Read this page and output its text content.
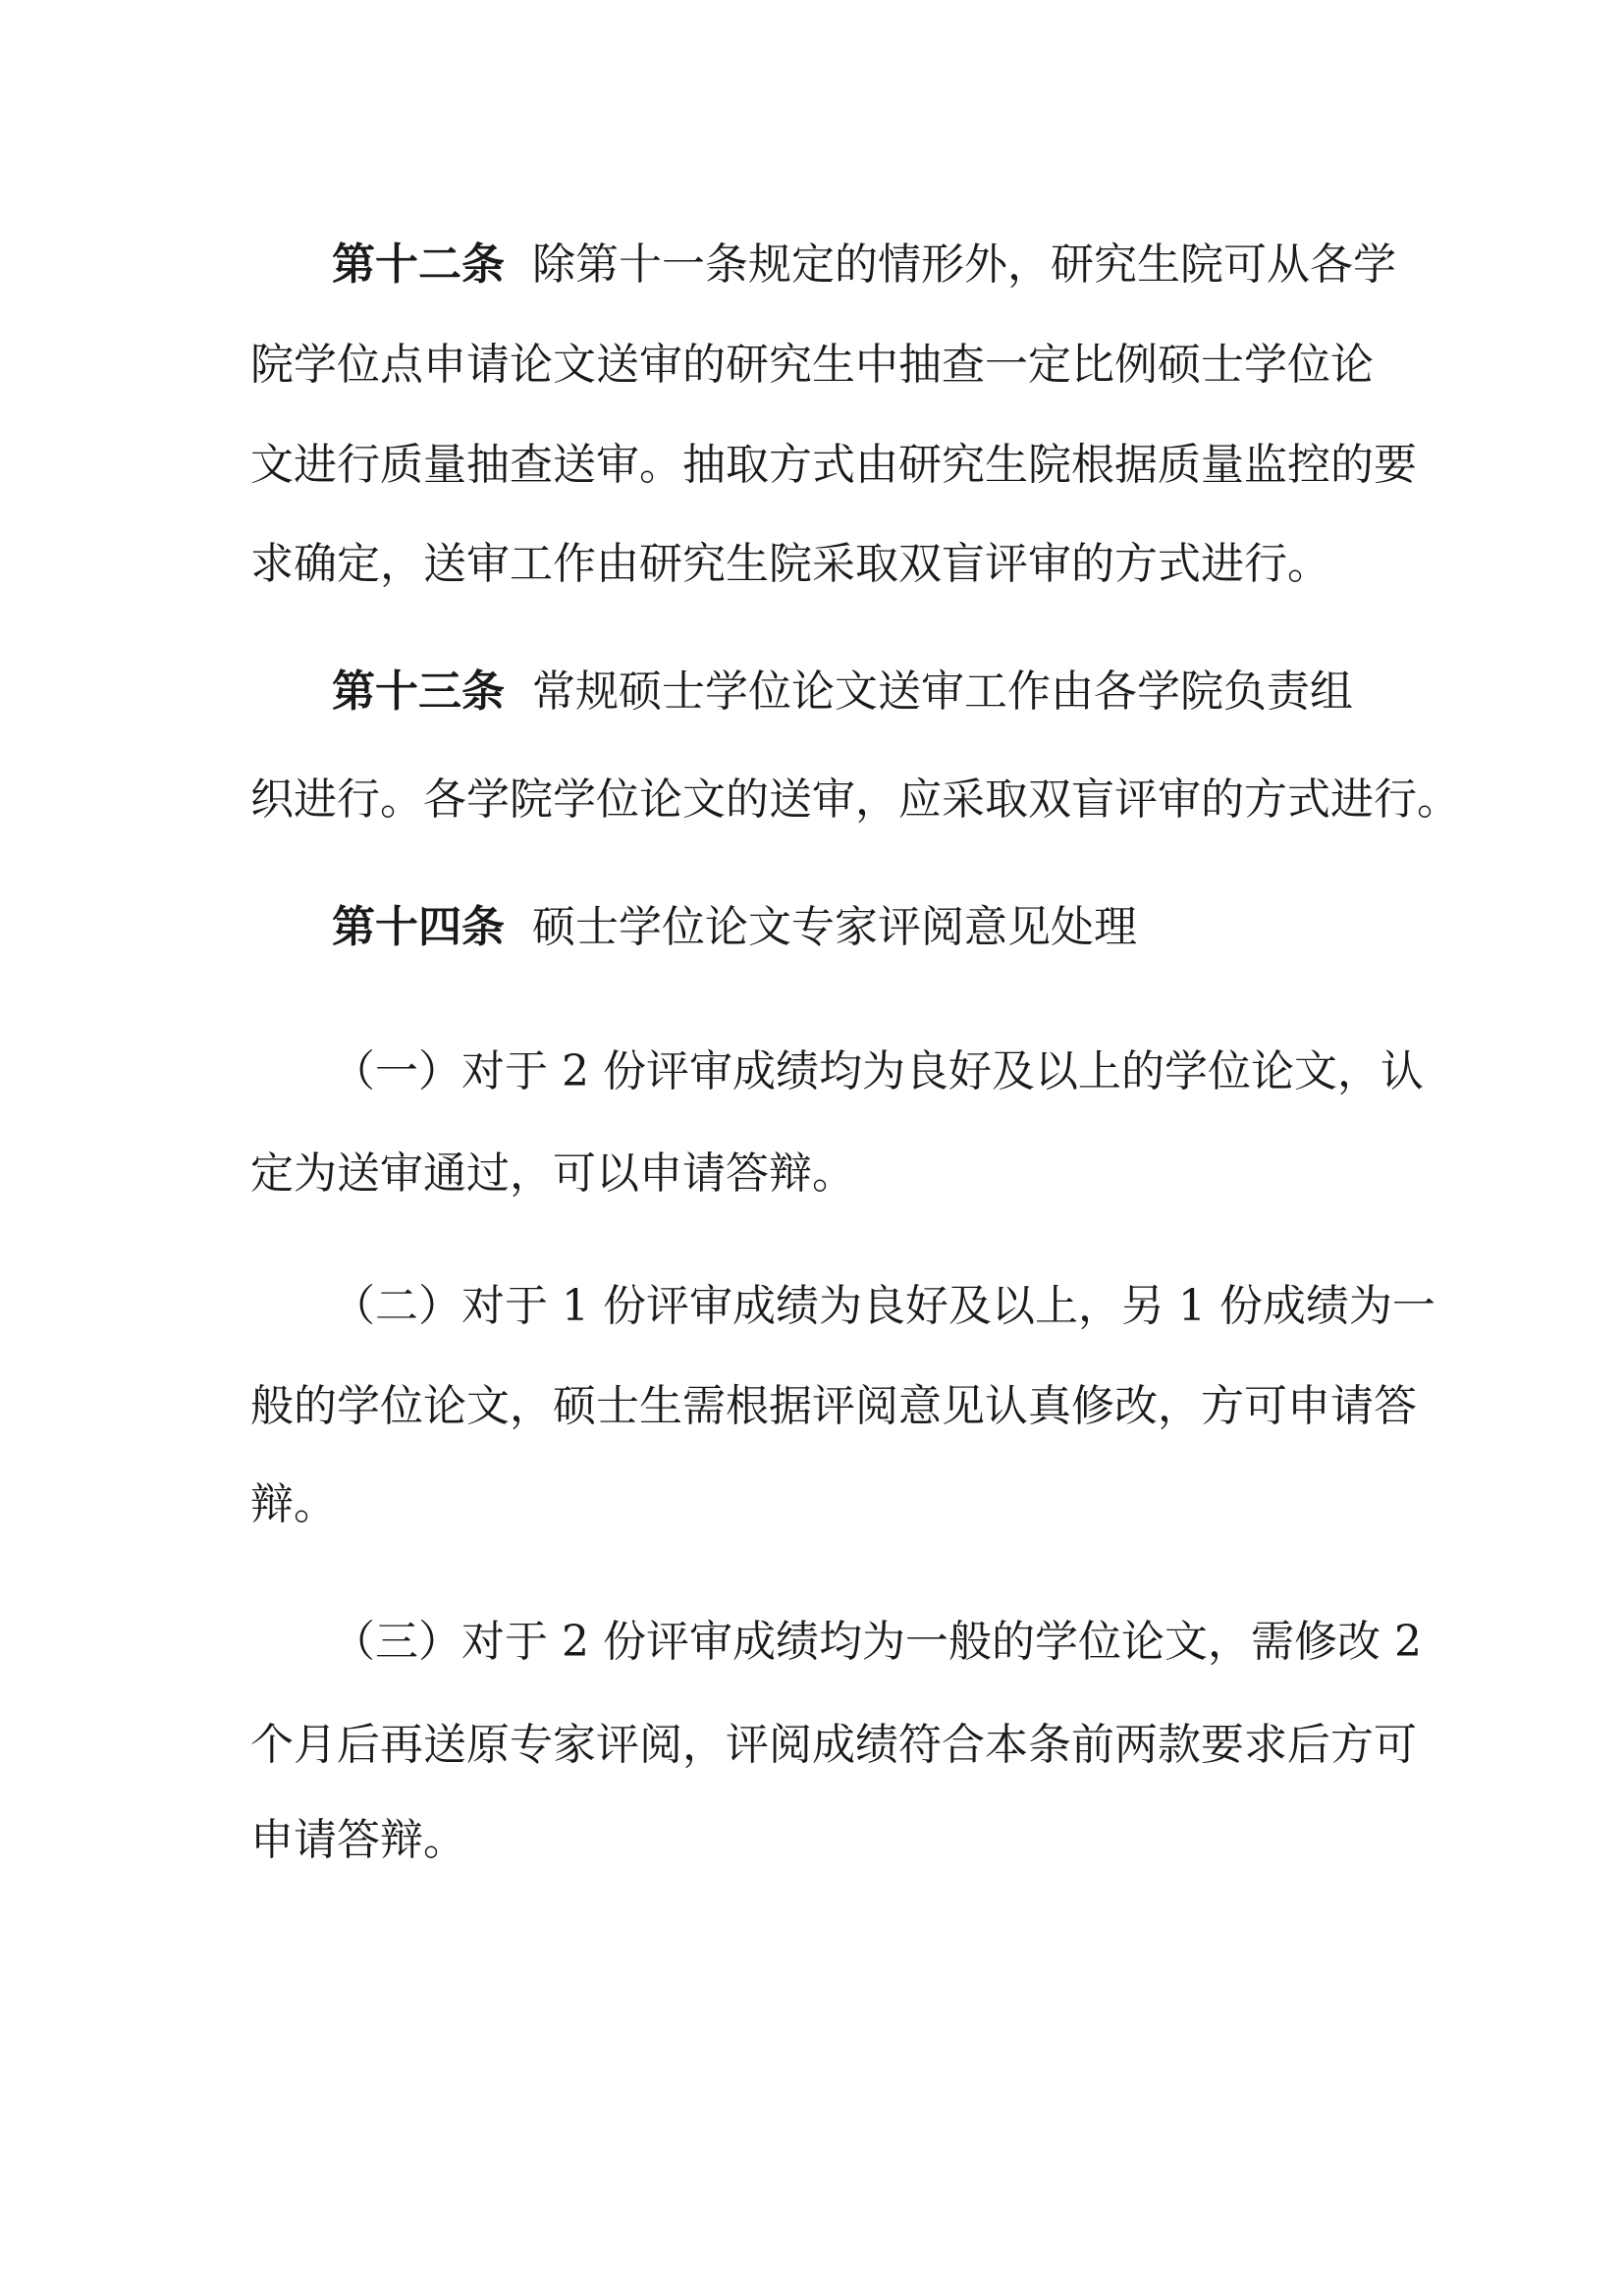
第十二条 除第十一条规定的情形外，研究生院可从各学
院学位点申请论文送审的研究生中抽查一定比例硕士学位论
文进行质量抽查送审。抽取方式由研究生院根据质量监控的要
求确定，送审工作由研究生院采取双盲评审的方式进行。
第十三条 常规硕士学位论文送审工作由各学院负责组
织进行。各学院学位论文的送审，应采取双盲评审的方式进行。
第十四条 硕士学位论文专家评阅意见处理
（一）对于 2 份评审成绩均为良好及以上的学位论文，认
定为送审通过，可以申请答辩。
（二）对于 1 份评审成绩为良好及以上，另 1 份成绩为一
般的学位论文，硕士生需根据评阅意见认真修改，方可申请答
辩。
（三）对于 2 份评审成绩均为一般的学位论文，需修改 2
个月后再送原专家评阅，评阅成绩符合本条前两款要求后方可
申请答辩。
